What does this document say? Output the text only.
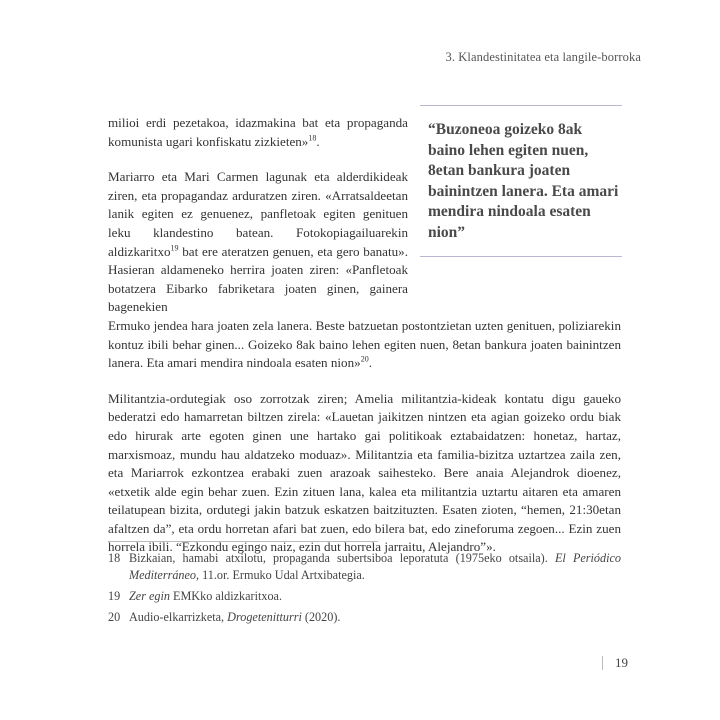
3. Klandestinitatea eta langile-borroka

milioi erdi pezetakoa, idazmakina bat eta propaganda komunista ugari konfiskatu zizkieten»$^{18}$.

“Buzoneoa goizeko 8ak baino lehen egiten nuen, 8etan bankura joaten bainintzen lanera. Eta amari mendira nindoala esaten nion”

Mariarro eta Mari Carmen lagunak eta alderdikideak ziren, eta propagandaz arduratzen ziren. «Arratsaldeetan lanik egiten ez genuenez, panfletoak egiten genituen leku klandestino batean. Fotokopiagailuarekin aldizkaritxo$^{19}$ bat ere ateratzen genuen, eta gero banatu». Hasieran aldameneko herrira joaten ziren: «Panfletoak botatzera Eibarko fabriketara joaten ginen, gainera bagenekien
Ermuko jendea hara joaten zela lanera. Beste batzuetan postontzietan uzten genituen, poliziarekin kontuz ibili behar ginen... Goizeko 8ak baino lehen egiten nuen, 8etan bankura joaten bainintzen lanera. Eta amari mendira nindoala esaten nion»$^{20}$.

Militantzia-ordutegiak oso zorrotzak ziren; Amelia militantzia-kideak kontatu digu gaueko bederatzi edo hamarretan biltzen zirela: «Lauetan jaikitzen nintzen eta agian goizeko ordu biak edo hirurak arte egoten ginen une hartako gai politikoak eztabaidatzen: honetaz, hartaz, marxismoaz, mundu hau aldatzeko moduaz». Militantzia eta familia-bizitza uztartzea zaila zen, eta Mariarrok ezkontzea erabaki zuen arazoak saihesteko. Bere anaia Alejandrok dioenez, «etxetik alde egin behar zuen. Ezin zituen lana, kalea eta militantzia uztartu aitaren eta amaren teilatupean bizita, ordutegi jakin batzuk eskatzen baitzituzten. Esaten zioten, “hemen, 21:30etan afaltzen da”, eta ordu horretan afari bat zuen, edo bilera bat, edo zineforuma zegoen... Ezin zuen horrela ibili. “Ezkondu egingo naiz, ezin dut horrela jarraitu, Alejandro”».

18 Bizkaian, hamabi atxilotu, propaganda subertsiboa leporatuta (1975eko otsaila). El Periódico Mediterráneo, 11.or. Ermuko Udal Artxibategia.
19 Zer egin EMKko aldizkaritxoa.
20 Audio-elkarrizketa, Drogetenitturri (2020).
19
